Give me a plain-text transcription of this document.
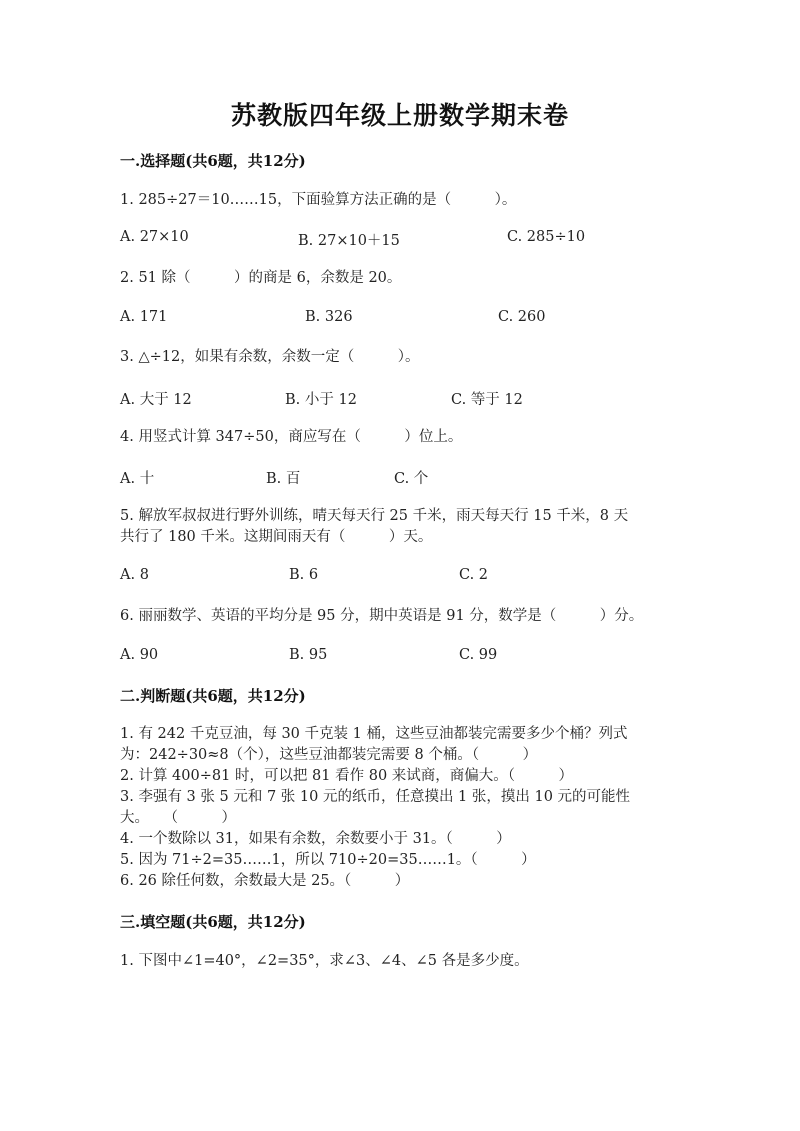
苏教版四年级上册数学期末卷
一.选择题(共6题，共12分)
1. 285÷27＝10……15，下面验算方法正确的是（　　　）。
A. 27×10	B. 27×10＋15	C. 285÷10
2. 51 除（　　　）的商是 6，余数是 20。
A. 171	B. 326	C. 260
3. △÷12，如果有余数，余数一定（　　　）。
A. 大于 12	B. 小于 12	C. 等于 12
4. 用竖式计算 347÷50，商应写在（　　　）位上。
A. 十	B. 百	C. 个
5. 解放军叔叔进行野外训练，晴天每天行 25 千米，雨天每天行 15 千米，8 天
共行了 180 千米。这期间雨天有（　　　）天。
A. 8	B. 6	C. 2
6. 丽丽数学、英语的平均分是 95 分，期中英语是 91 分，数学是（　　　）分。
A. 90	B. 95	C. 99
二.判断题(共6题，共12分)
1. 有 242 千克豆油，每 30 千克装 1 桶，这些豆油都装完需要多少个桶？列式
为：242÷30≈8（个），这些豆油都装完需要 8 个桶。（　　　）
2. 计算 400÷81 时，可以把 81 看作 80 来试商，商偏大。（　　　）
3. 李强有 3 张 5 元和 7 张 10 元的纸币，任意摸出 1 张，摸出 10 元的可能性
大。　　（　　　）
4. 一个数除以 31，如果有余数，余数要小于 31。（　　　）
5. 因为 71÷2=35……1，所以 710÷20=35……1。（　　　）
6. 26 除任何数，余数最大是 25。（　　　）
三.填空题(共6题，共12分)
1. 下图中∠1=40°，∠2=35°，求∠3、∠4、∠5 各是多少度。
